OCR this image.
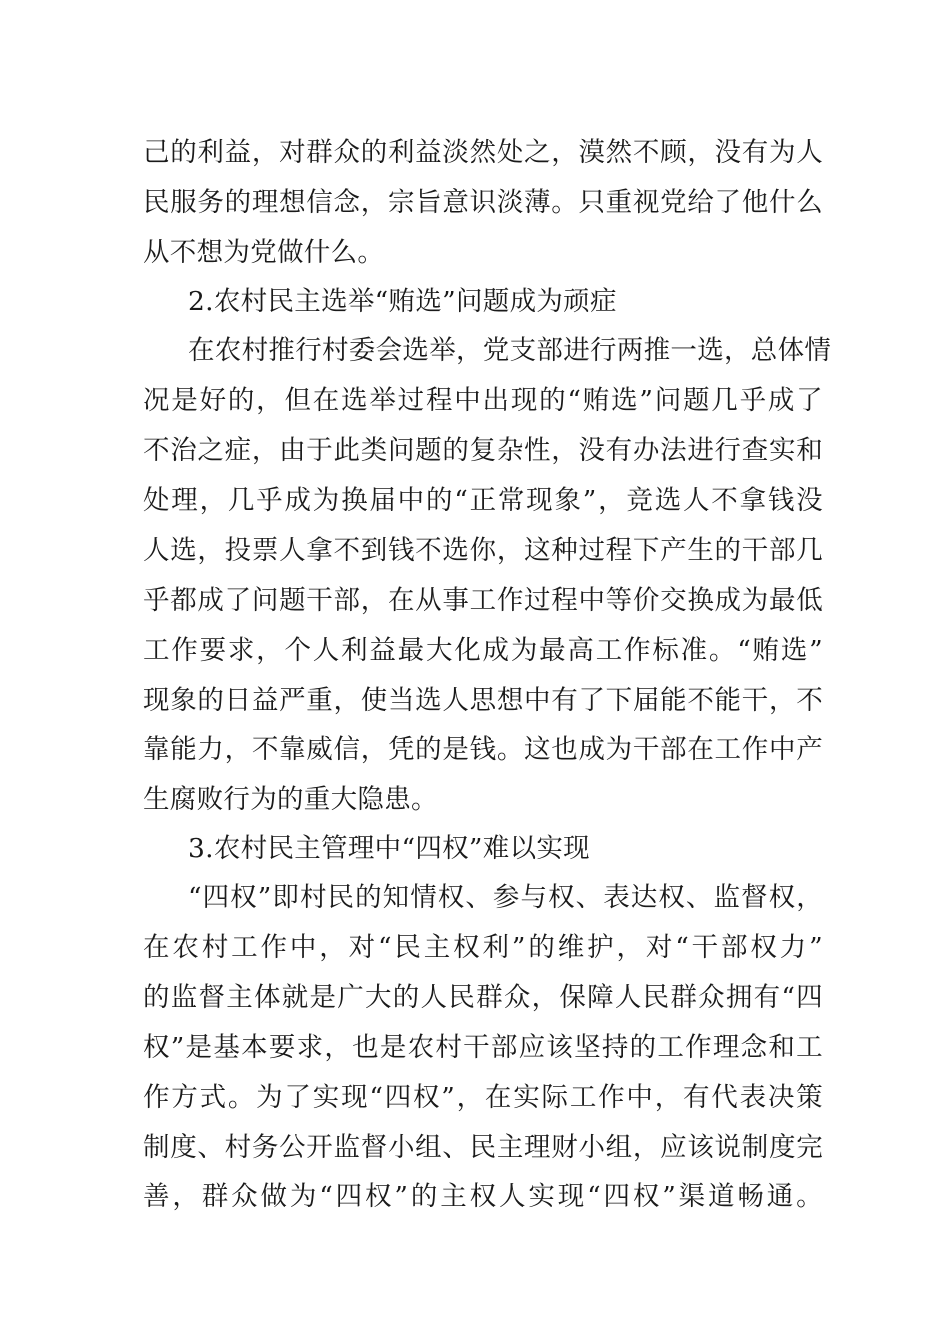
己的利益，对群众的利益淡然处之，漠然不顾，没有为人
民服务的理想信念，宗旨意识淡薄。只重视党给了他什么
从不想为党做什么。
2.农村民主选举“贿选”问题成为顽症
在农村推行村委会选举，党支部进行两推一选，总体情
况是好的，但在选举过程中出现的“贿选”问题几乎成了
不治之症，由于此类问题的复杂性，没有办法进行查实和
处理，几乎成为换届中的“正常现象”，竞选人不拿钱没
人选，投票人拿不到钱不选你，这种过程下产生的干部几
乎都成了问题干部，在从事工作过程中等价交换成为最低
工作要求，个人利益最大化成为最高工作标准。“贿选”
现象的日益严重，使当选人思想中有了下届能不能干，不
靠能力，不靠威信，凭的是钱。这也成为干部在工作中产
生腐败行为的重大隐患。
3.农村民主管理中“四权”难以实现
“四权”即村民的知情权、参与权、表达权、监督权，
在农村工作中，对“民主权利”的维护，对“干部权力”
的监督主体就是广大的人民群众，保障人民群众拥有“四
权”是基本要求，也是农村干部应该坚持的工作理念和工
作方式。为了实现“四权”，在实际工作中，有代表决策
制度、村务公开监督小组、民主理财小组，应该说制度完
善，群众做为“四权”的主权人实现“四权”渠道畅通。
